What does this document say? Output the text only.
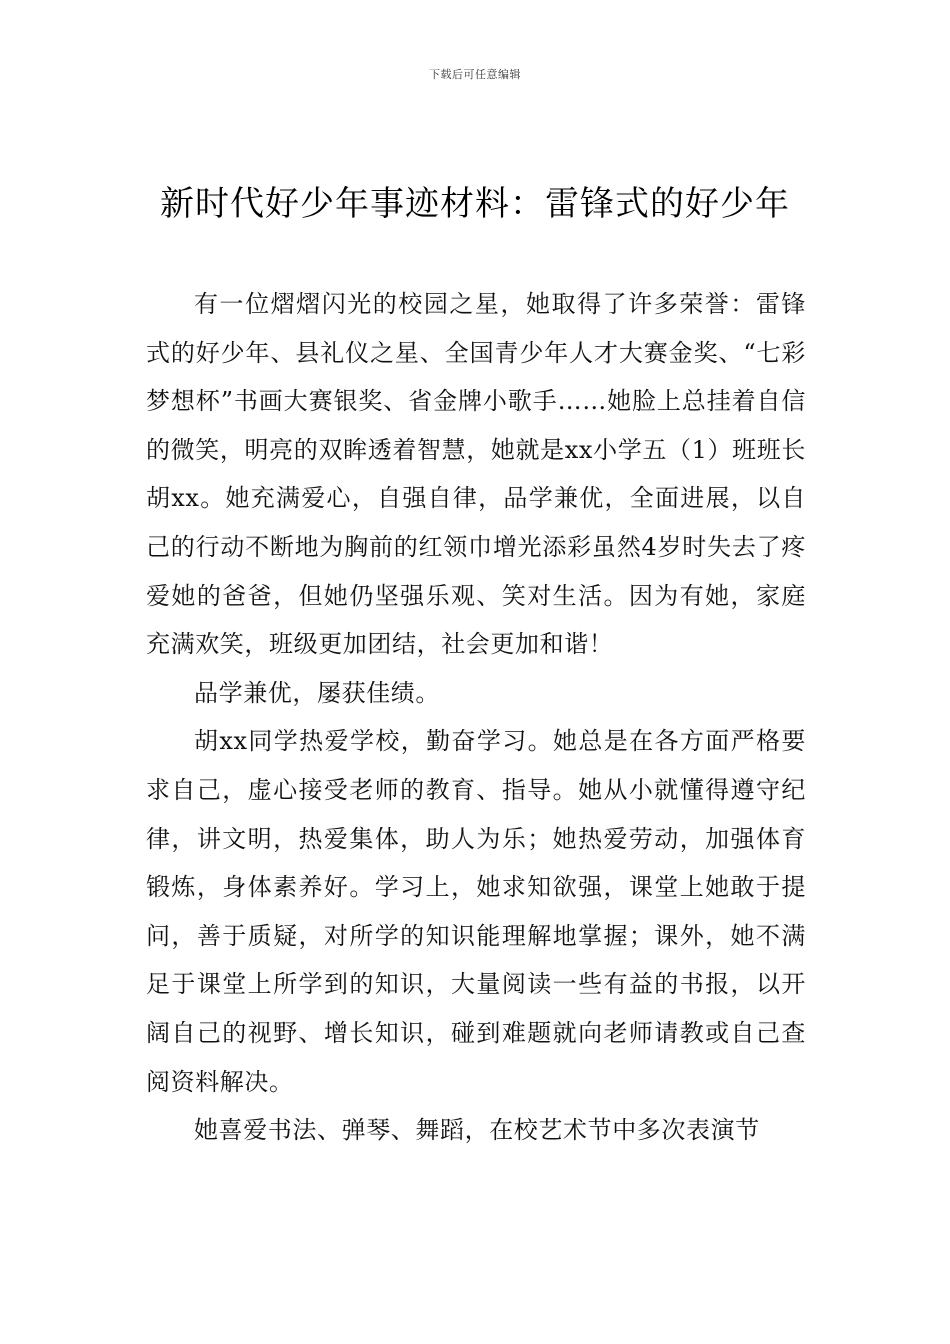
下载后可任意编辑
新时代好少年事迹材料：雷锋式的好少年

有一位熠熠闪光的校园之星，她取得了许多荣誉：雷锋式的好少年、县礼仪之星、全国青少年人才大赛金奖、“七彩梦想杯”书画大赛银奖、省金牌小歌手……她脸上总挂着自信的微笑，明亮的双眸透着智慧，她就是xx小学五（1）班班长胡xx。她充满爱心，自强自律，品学兼优，全面进展，以自己的行动不断地为胸前的红领巾增光添彩虽然4岁时失去了疼爱她的爸爸，但她仍坚强乐观、笑对生活。因为有她，家庭充满欢笑，班级更加团结，社会更加和谐！

品学兼优，屡获佳绩。

胡xx同学热爱学校，勤奋学习。她总是在各方面严格要求自己，虚心接受老师的教育、指导。她从小就懂得遵守纪律，讲文明，热爱集体，助人为乐；她热爱劳动，加强体育锻炼，身体素养好。学习上，她求知欲强，课堂上她敢于提问，善于质疑，对所学的知识能理解地掌握；课外，她不满足于课堂上所学到的知识，大量阅读一些有益的书报，以开阔自己的视野、增长知识，碰到难题就向老师请教或自己查阅资料解决。

她喜爱书法、弹琴、舞蹈，在校艺术节中多次表演节
